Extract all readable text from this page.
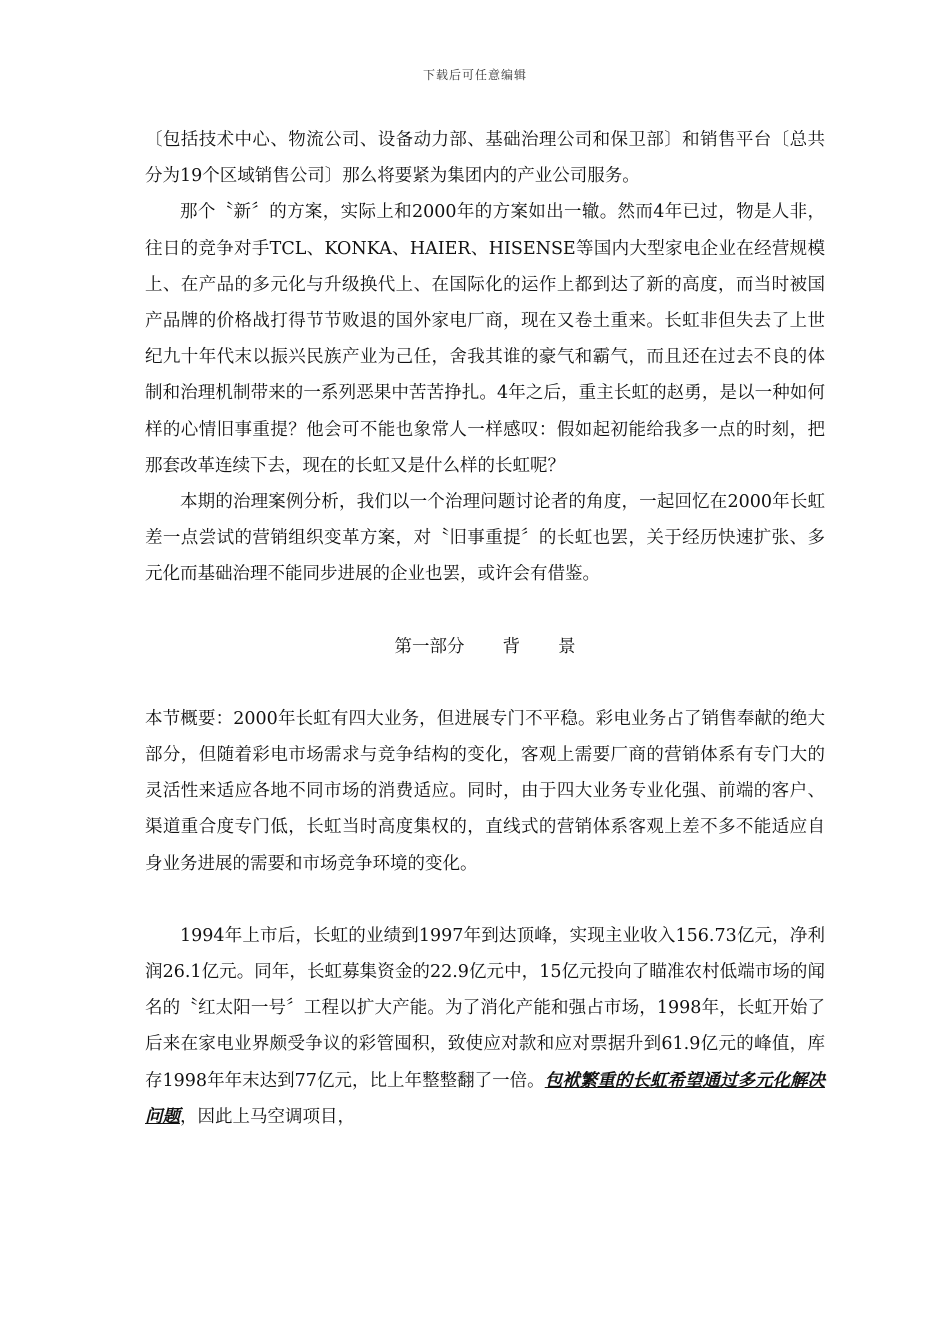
下载后可任意编辑

〔包括技术中心、物流公司、设备动力部、基础治理公司和保卫部〕和销售平台〔总共分为19个区域销售公司〕那么将要紧为集团内的产业公司服务。

那个〝新〞的方案，实际上和2000年的方案如出一辙。然而4年已过，物是人非，往日的竞争对手TCL、KONKA、HAIER、HISENSE等国内大型家电企业在经营规模上、在产品的多元化与升级换代上、在国际化的运作上都到达了新的高度，而当时被国产品牌的价格战打得节节败退的国外家电厂商，现在又卷土重来。长虹非但失去了上世纪九十年代末以振兴民族产业为己任，舍我其谁的豪气和霸气，而且还在过去不良的体制和治理机制带来的一系列恶果中苦苦挣扎。4年之后，重主长虹的赵勇，是以一种如何样的心情旧事重提？他会可不能也象常人一样感叹：假如起初能给我多一点的时刻，把那套改革连续下去，现在的长虹又是什么样的长虹呢？

本期的治理案例分析，我们以一个治理问题讨论者的角度，一起回忆在2000年长虹差一点尝试的营销组织变革方案，对〝旧事重提〞的长虹也罢，关于经历快速扩张、多元化而基础治理不能同步进展的企业也罢，或许会有借鉴。

第一部分 背 景

本节概要：2000年长虹有四大业务，但进展专门不平稳。彩电业务占了销售奉献的绝大部分，但随着彩电市场需求与竞争结构的变化，客观上需要厂商的营销体系有专门大的灵活性来适应各地不同市场的消费适应。同时，由于四大业务专业化强、前端的客户、渠道重合度专门低，长虹当时高度集权的，直线式的营销体系客观上差不多不能适应自身业务进展的需要和市场竞争环境的变化。

1994年上市后，长虹的业绩到1997年到达顶峰，实现主业收入156.73亿元，净利润26.1亿元。同年，长虹募集资金的22.9亿元中，15亿元投向了瞄准农村低端市场的闻名的〝红太阳一号〞工程以扩大产能。为了消化产能和强占市场，1998年，长虹开始了后来在家电业界颇受争议的彩管囤积，致使应对款和应对票据升到61.9亿元的峰值，库存1998年年末达到77亿元，比上年整整翻了一倍。包袱繁重的长虹希望通过多元化解决问题，因此上马空调项目，
